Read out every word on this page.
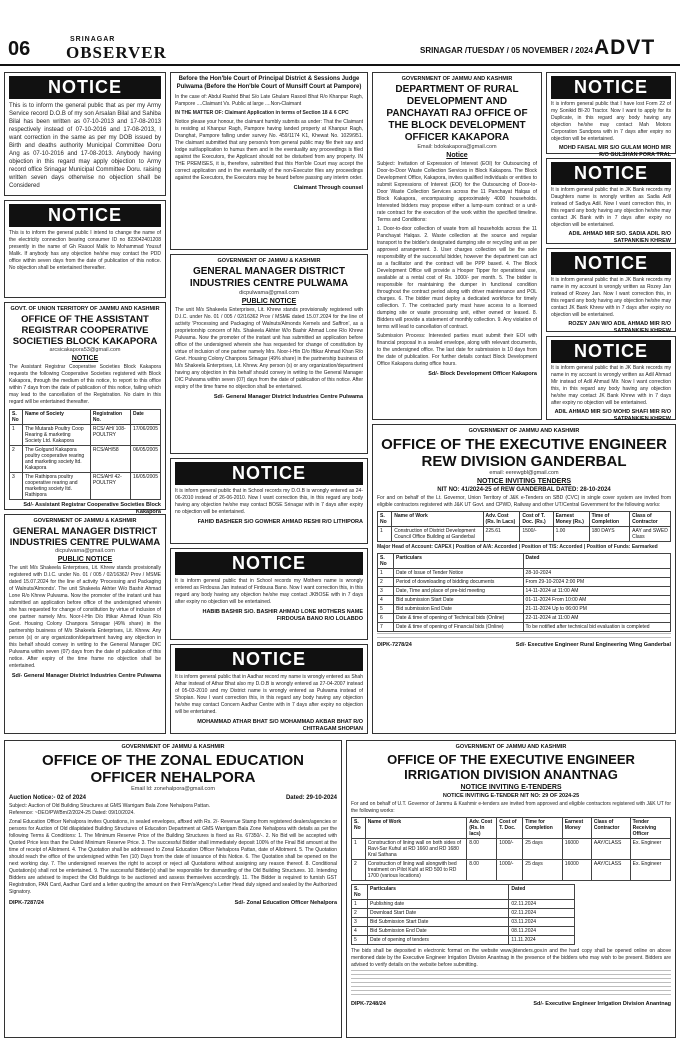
06	SRINAGAR
OBSERVER	SRINAGAR /TUESDAY / 05 NOVEMBER / 2024 ADVT
NOTICE
This is to inform the general public that as per my Army Service record D.O.B of my son Arsalan Bilal and Sahiba Bilal has been written as 07-10-2013 and 17-08-2013 respectively instead of 07-10-2016 and 17-08-2013, I want correction in the same as per my DOB issued by Birth and deaths authority Municipal Committee Doru Ang as 07-10-2016 and 17-08-2013. Anybody having objection in this regard may apply objection to Army record office Srinagar Municipal Committee Doru. raising written seven days otherwise no objection shall be Considered
NOTICE
This is to inform the general public I intend to change the name of the electricity connection bearing consumer ID no 823042401208 presently in the name of Gh Rasool Malik to Mohammad Yousuf Malik. If anybody has any objection he/she may contact the PDD office within seven days from the date of publication of this notice. No objection shall be entertained thereafter.
GOVT. OF UNION TERRITORY OF JAMMU AND KASHMIR
OFFICE OF THE ASSISTANT REGISTRAR COOPERATIVE SOCIETIES BLOCK KAKAPORA
arcsicakapora53@gmail.com
NOTICE
The Assistant Registrar Cooperative Societies Block Kakapora requests the following Cooperative Societies registered with Block Kakapora, through the medium of this notice, to report to this office within 7 days from the date of publication of this notice, failing which may lead to the cancellation of the Registration. No claim in this regard will be entertained thereafter.
S. No	Name of Society	Registration No.	Date
1	The Mutarab Poultry Coop Rearing & marketing Society Ltd. Kakapora	RCS/ AH/ 108-POULTRY	17/06/2005
2	The Golgund Kakapora poultry cooperative rearing and marketing society ltd. Kakapora	RCS/AH/58	06/05/2005
3	The Rathipora poultry cooperative rearing and marketing society ltd. Rathipora	RCS/AH/ 42-POULTRY	16/05/2005
Sd/- Assistant Registrar Cooperative Societies Block Kakapora
GOVERNMENT OF JAMMU & KASHMIR
GENERAL MANAGER DISTRICT INDUSTRIES CENTRE PULWAMA
dicpulwama@gmail.com
PUBLIC NOTICE
The unit M/s Shakeela Enterprises, Lit. Khrew stands provisionally registered with D.I.C. under No. 01 / 005 / 02/16362/ Prov / MSME dated 15.07.2024 for the line of activity 'Processing and Packaging of Walnuts/Almonds'. The unit Shakeela Akhter W/o Bashir Ahmad Lone R/o Khrew Pulwama. Now the promoter of the instant unit has submitted an application before office of the undersigned wherein she has requested for change of constitution by virtue of inclusion of one partner namely Mrs. Noor-I-Hin D/o Iftikar Ahmad Khan R/o Govt. Housing Colony Chanpora Srinagar (49% share) in the partnership business of M/s Shakeela Enterprises, Lit. Khrew. Any person (s) or any organization/department having any objection in this behalf should convey in writing to the General Manager DIC Pulwama within seven (07) days from the date of publication of this notice. After expiry of the time frame no objection shall be entertained.
Sd/- General Manager District Industries Centre Pulwama
Before the Hon'ble Court of Principal District & Sessions Judge Pulwama (Before the Hon'ble Court of Munsiff Court at Pampore)
In the case of: Abdul Rashid Bhat S/o Late Ghulam Rasool Bhat R/o Khanpur Ragh, Pampore ....Claimant Vs. Public at large ....Non-Claimant
IN THE MATTER OF: Claimant Application in terms of Section 18 & 6 CPC
Notice please your honour, the claimant humbly submits as under: That the Claimant is residing at Khanpur Ragh, Pampore having landed property at Khanpur Ragh, Dranghat, Pampore falling under survey No. 459/1174 K1, Khewat No. 1029/951. The claimant submitted that any person/s from general public may file their say and lodge suit/application to humus them and in the eventuality any proceedings is filed against the Executors, the Applicant should not be disturbed from any property. IN THE PREMISES, it is, therefore, submitted that this Hon'ble Court may accept the correct application and in the eventuality of the non-Executor files any proceedings against the Executors, the Executors may be heard before passing any interim order.
Claimant Through counsel
GOVERNMENT OF JAMMU & KASHMIR
GENERAL MANAGER DISTRICT INDUSTRIES CENTRE PULWAMA
dicpulwama@gmail.com
PUBLIC NOTICE
The unit M/s Shakeela Enterprises, Lit. Khrew stands provisionally registered with D.I.C. under No. 01 / 005 / 02/16362 Prov / MSME dated 15.07.2024 for the line of activity 'Processing and Packaging of Walnuts/Almonds Kernels and Saffron', as a proprietorship concern of Ms. Shakeela Akhter W/o Bashir Ahmad Lone R/o Khrew Pulwama. Now the promoter of the instant unit has submitted an application before office of the undersigned wherein she has requested for change of constitution by virtue of inclusion of one partner namely Mrs. Noor-I-Hin D/o Iftikar Ahmad Khan R/o Govt. Housing Colony Chanpora Srinagar (49% share) in the partnership business of M/s Shakeela Enterprises, Lit. Khrew. Any person (s) or any organization/department having any objection in this behalf should convey in writing to the General Manager DIC Pulwama within seven (07) days from the date of publication of this notice. After expiry of the time frame no objection shall be entertained.
Sd/- General Manager District Industries Centre Pulwama
NOTICE
It is inform general public that in School records my D.O.B is wrongly entered as 24-06-2010 instead of 26-06-2010. Now I want correction this, in this regard any body having any objection he/she may contact BOSE Srinagar with in 7 days after expiry no objection will be entertained.
FAHID BASHEER S/O GOWHER AHMAD RESHI R/O LITHIPORA
NOTICE
It is inform general public that in School records my Mothers name is wrongly entered as Firdousa Jan instead of Firdousa Bano. Now I want correction this, in this regard any body having any objection he/she may contact JKBOSE with in 7 days after expiry no objection will be entertained.
HABIB BASHIR S/O. BASHIR AHMAD LONE MOTHERS NAME FIRDOUSA BANO R/O LOLABDO
NOTICE
It is inform general public that in Aadhar record my name is wrongly entered as Shah Athar instead of Athar Bhat also my D.O.B is wrongly entered as 27-04-2007 instead of 05-03-2010 and my District name is wrongly entered as Pulwama instead of Shopian. Now I want correction this, in this regard any body having any objection he/she may contact Concern Aadhar Centre with in 7 days after expiry no objection will be entertained.
MOHAMMAD ATHAR BHAT S/O MOHAMMAD AKBAR BHAT R/O CHITRAGAM SHOPIAN
GOVERNMENT OF JAMMU AND KASHMIR
DEPARTMENT OF RURAL DEVELOPMENT AND PANCHAYATI RAJ OFFICE OF THE BLOCK DEVELOPMENT OFFICER KAKAPORA
Email: bdokakapora@gmail.com
Notice
Subject: Invitation of Expression of Interest (EOI) for Outsourcing of Door-to-Door Waste Collection Services in Block Kakapora. The Block Development Office, Kakapora, invites qualified individuals or entities to submit Expressions of Interest (EOI) for the Outsourcing of Door-to-Door Waste Collection Services across the 11 Panchayat Halqas of Block Kakapora, encompassing approximately 4000 households. Interested bidders may propose either a lump-sum contract or a unit-rate contract for the execution of the work within the specified timeline. Terms and Conditions:
1. Door-to-door collection of waste from all households across the 11 Panchayat Halqas. 2. Waste collection at the source and regular transport to the bidder's designated dumping site or recycling unit as per approved arrangement. 3. User charges collection will be the sole responsibility of the successful bidder, however the department can act as a facilitator and the contract will be PPP based. 4. The Block Development Office will provide a Hooper Tipper for operational use, available at a rental cost of Rs. 1000/- per month. 5. The bidder is responsible for maintaining the dumper in functional condition throughout the contract period along with driver maintenance and POL charges. 6. The bidder must deploy a dedicated workforce for timely collection. 7. The contracted party must have access to a licensed dumping site or waste processing unit, either owned or leased. 8. Bidders will provide a statement of monthly collection. 9. Any violation of terms will lead to cancellation of contract.
Submission Process: Interested parties must submit their EOI with financial proposal in a sealed envelope, along with relevant documents, to the undersigned office. The last date for submission is 10 days from the date of publication. For further details contact Block Development Office Kakapora during office hours.
Sd/- Block Development Officer Kakapora
NOTICE
It is inform general public that I have lost Form 22 of my Sonikid BI-20 Tractor. Now I want to apply for its Duplicate, in this regard any body having any objection he/she may contact Mah Motors Corporation Sundpora with in 7 days after expiry no objection will be entertained.
MOHD FAISAL MIR S/O GULAM MOHD MIR R/O GULSHAN PORA TRAL
NOTICE
It is inform general public that in JK Bank records my Daughters name is wrongly written as Sadia Adil instead of Sadiya Adil. Now I want correction this, in this regard any body having any objection he/she may contact JK Bank with in 7 days after expiry no objection will be entertained.
ADIL AHMAD MIR S/O. SADIA ADIL R/O SATPANKIEN KHREW
NOTICE
It is inform general public that in JK Bank records my name in my account is wrongly written as Rozey Jan instead of Rozey Jan. Now I want correction this, in this regard any body having any objection he/she may contact JK Bank Khrew with in 7 days after expiry no objection will be entertained.
ROZEY JAN W/O ADIL AHMAD MIR R/O SATPANKIEN KHREW
NOTICE
It is inform general public that in JK Bank records my name in my account is wrongly written as Adil Ahmad Mir instead of Adil Ahmad Mir. Now I want correction this, in this regard any body having any objection he/she may contact JK Bank Khrew with in 7 days after expiry no objection will be entertained.
ADIL AHMAD MIR S/O MOHD SHAFI MIR R/O SATPANKIEN KHREW
GOVERNMENT OF JAMMU AND KASHMIR
OFFICE OF THE EXECUTIVE ENGINEER REW DIVISION GANDERBAL
email: eerewgbl@gmail.com
NOTICE INVITING TENDERS
NIT NO: 41/2024-25 of REW GANDERBAL DATED: 28-10-2024
For and on behalf of the Lt. Governor, Union Territory of J&K e-Tenders on SBD (CVC) in single cover system are invited from eligible contractors registered with J&K UT Govt. and CPWD, Railway and other UT/Central Government for the following works:
S. No	Name of Work	Adv. Cost (Rs. In Lacs)	Cost of T. Doc. (Rs.)	Earnest Money (Rs.)	Time of Completion	Class of Contractor
1	Construction of District Development Council Office Building at Ganderbal	225.61	1500/-	1.00	180 DAYS	AAY and SWED Class
Major Head of Account: CAPEX | Position of A/A: Accorded | Position of T/S: Accorded | Position of Funds: Earmarked
S. No	Particulars	Dated
1	Date of Issue of Tender Notice	28-10-2024
2	Period of downloading of bidding documents	From 29-10-2024 2:00 PM
3	Date, Time and place of pre-bid meeting	14-11-2024 at 11:00 AM
4	Bid submission Start Date	01-11-2024 From 10:00 AM
5	Bid submission End Date	21-11-2024 Up to 06:00 PM
6	Date & time of opening of Technical bids (Online)	22-11-2024 at 11:00 AM
7	Date & time of opening of Financial bids (Online)	To be notified after technical bid evaluation is completed
DIPK-7278/24	Sd/- Executive Engineer Rural Engineering Wing Ganderbal
GOVERNMENT OF JAMMU & KASHMIR
OFFICE OF THE ZONAL EDUCATION OFFICER NEHALPORA
Email Id: zonehalpora@gmail.com
Auction Notice:- 02 of 2024	Dated: 29-10-2024
Subject: Auction of Old Building Structures at GMS Warrigam Bala Zone Nehalpora Pattan.
Reference: ~DEO/PW/Bm/2/2024-25 Dated: 09/10/2024.
Zonal Education Officer Nehalpora invites Quotations, in sealed envelopes, affixed with Rs. 2/- Revenue Stamp from registered dealers/agencies or persons for Auction of Old dilapidated Building Structures of Education Department at GMS Warrigam Bala Zone Nehalpora with details as per the following Terms & Conditions: 1. The Minimum Reserve Price of the Building Structures is fixed as Rs. 67350/-. 2. No Bid will be accepted with Quoted Price less than the Dated Minimum Reserve Price. 3. The successful Bidder shall immediately deposit 100% of the Final Bid amount at the time of receipt of Allotment. 4. The Quotation shall be addressed to Zonal Education Officer Nehalpora Pattan, date of Allotment. 5. The Quotation should reach the office of the undersigned within Ten (10) Days from the date of issuance of this Notice. 6. The Quotation shall be opened on the next working day. 7. The undersigned reserves the right to accept or reject all Quotations without assigning any reason thereof. 8. Conditional Quotation(s) shall not be entertained. 9. The successful Bidder(s) shall be responsible for dismantling of the Old Building Structures. 10. Intending Bidders are advised to inspect the Old Buildings to be auctioned and assess themselves accordingly. 11. The Bidder is required to furnish GST Registration, PAN Card, Aadhar Card and a letter quoting the amount on their Firm's/Agency's Letter Head duly signed and sealed by the Authorized Signatory.
DIPK-7287/24	Sd/- Zonal Education Officer Nehalpora
GOVERNMENT OF JAMMU AND KASHMIR
OFFICE OF THE EXECUTIVE ENGINEER IRRIGATION DIVISION ANANTNAG
NOTICE INVITING E-TENDERS
NOTICE INVITING E-TENDER NIT NO: 29 OF 2024-25
For and on behalf of U.T. Governor of Jammu & Kashmir e-tenders are invited from approved and eligible contractors registered with J&K UT for the following works:
S. No	Name of Work	Adv. Cost (Rs. In lacs)	Cost of T. Doc.	Time for Completion	Earnest Money	Class of Contractor	Tender Receiving Officer
1	Construction of lining wall on both sides of Ravi-Sar Kuhul at RD 1660 and RD 1680 Kral Sathana	8.00	1000/-	25 days	16000	AAY/CLASS	Ex. Engineer
2	Construction of lining wall alongwith bed treatment on Pilot Kuhl at RD 500 to RD 1700 (various locations)	8.00	1000/-	25 days	16000	AAY/CLASS	Ex. Engineer
S. No	Particulars	Dated
1	Publishing date	02.11.2024
2	Download Start Date	02.11.2024
3	Bid Submission Start Date	03.11.2024
4	Bid Submission End Date	08.11.2024
5	Date of opening of tenders	11.11.2024
The bids shall be deposited in electronic format on the website www.jktenders.gov.in and the hard copy shall be opened online on above mentioned date by the Executive Engineer Irrigation Division Anantnag in the presence of the bidders who may wish to be present. Bidders are advised to verify details on the website before submitting.
DIPK-7248/24	Sd/- Executive Engineer Irrigation Division Anantnag
